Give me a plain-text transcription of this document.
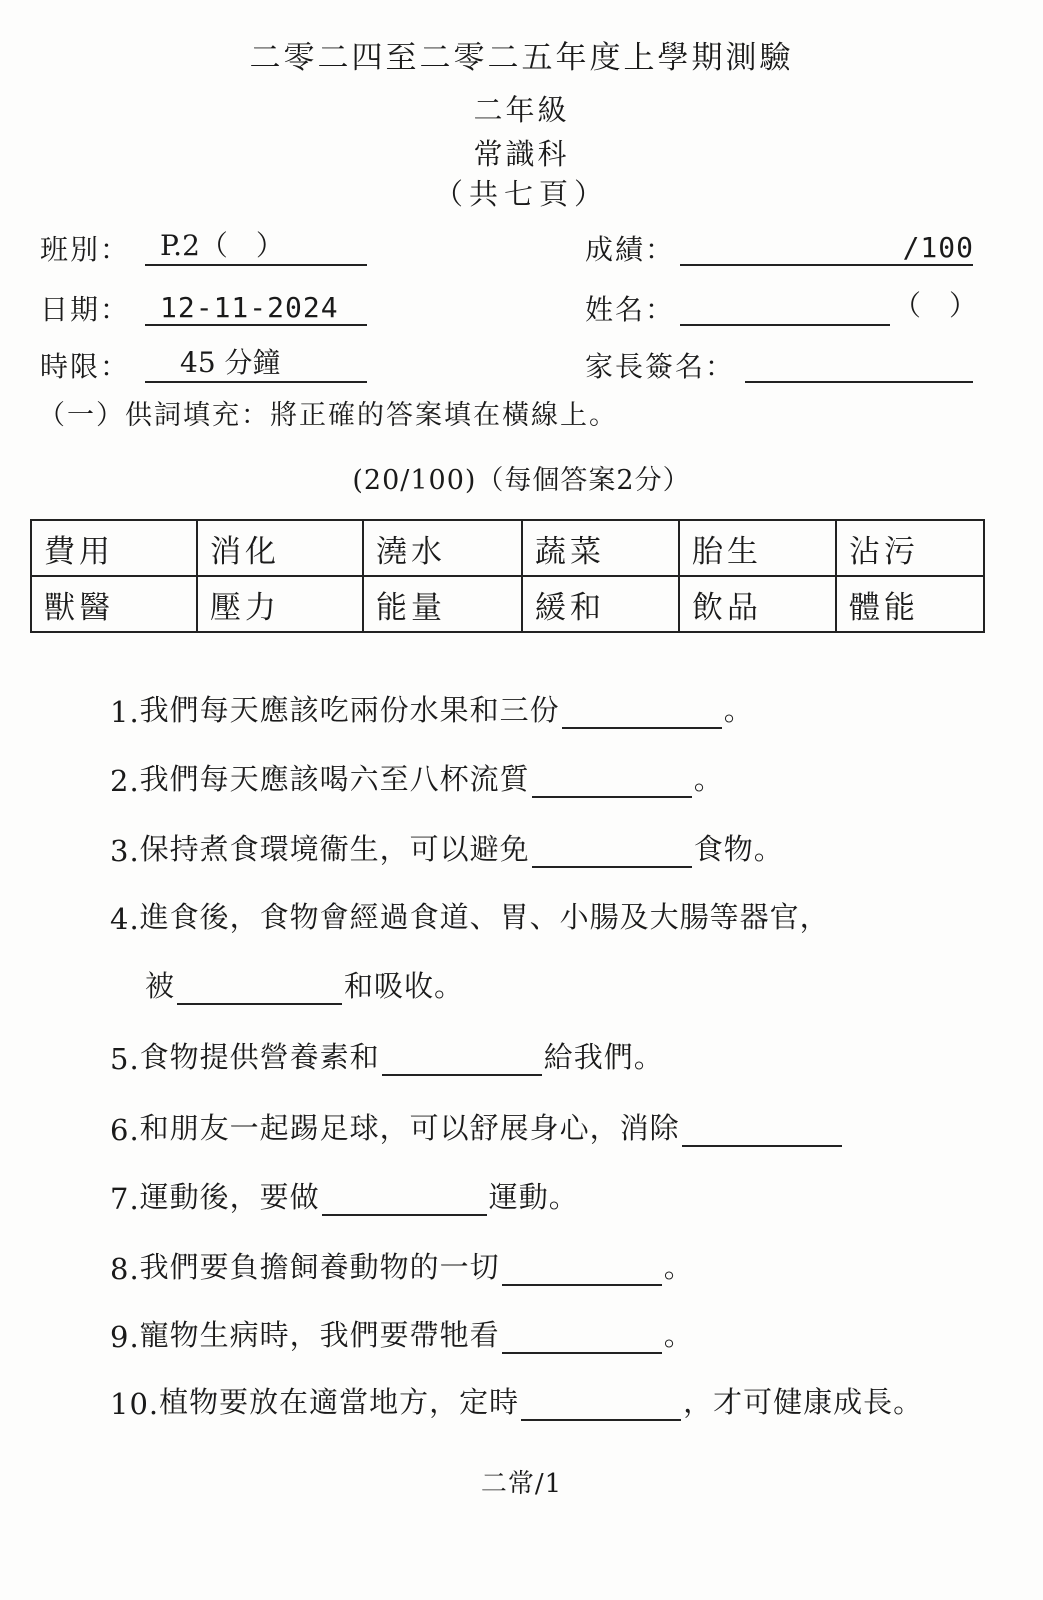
二零二四至二零二五年度上學期測驗
二年級
常識科
（共七頁）
班別： P.2（　）	成績：	/100
日期： 12-11-2024	姓名：	（　）
時限： 45 分鐘	家長簽名：
（一）供詞填充：將正確的答案填在橫線上。
(20/100)（每個答案2分）
費用	消化	澆水	蔬菜	胎生	沾污
獸醫	壓力	能量	緩和	飲品	體能
1.我們每天應該吃兩份水果和三份	。
2.我們每天應該喝六至八杯流質	。
3.保持煮食環境衞生，可以避免	食物。
4.進食後，食物會經過食道、胃、小腸及大腸等器官，
被	和吸收。
5.食物提供營養素和	給我們。
6.和朋友一起踢足球，可以舒展身心，消除
7.運動後，要做	運動。
8.我們要負擔飼養動物的一切	。
9.寵物生病時，我們要帶牠看	。
10.植物要放在適當地方，定時	，才可健康成長。
二常/1
